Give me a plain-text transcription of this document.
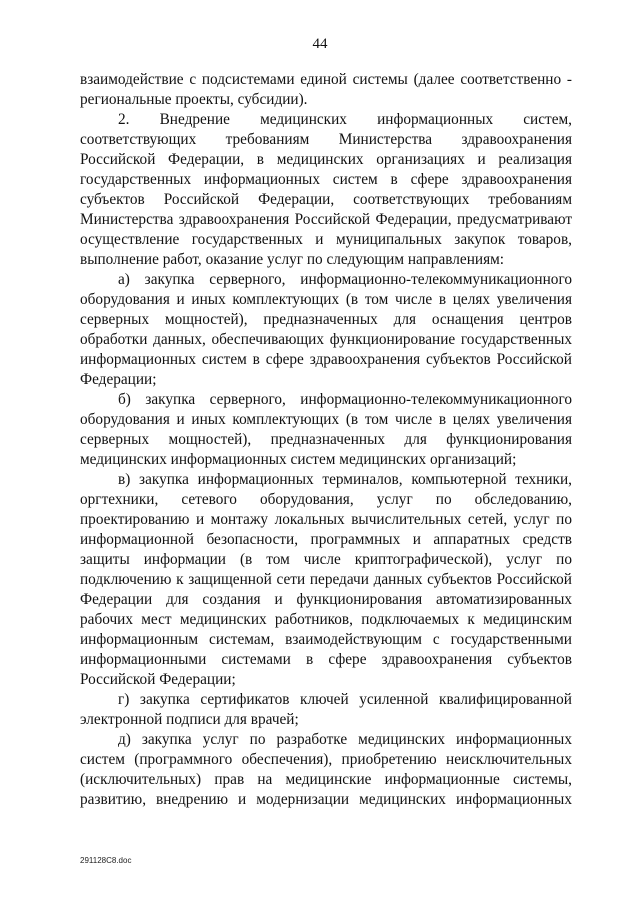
44

взаимодействие с подсистемами единой системы (далее соответственно - региональные проекты, субсидии).

2. Внедрение медицинских информационных систем, соответствующих требованиям Министерства здравоохранения Российской Федерации, в медицинских организациях и реализация государственных информационных систем в сфере здравоохранения субъектов Российской Федерации, соответствующих требованиям Министерства здравоохранения Российской Федерации, предусматривают осуществление государственных и муниципальных закупок товаров, выполнение работ, оказание услуг по следующим направлениям:

а) закупка серверного, информационно-телекоммуникационного оборудования и иных комплектующих (в том числе в целях увеличения серверных мощностей), предназначенных для оснащения центров обработки данных, обеспечивающих функционирование государственных информационных систем в сфере здравоохранения субъектов Российской Федерации;

б) закупка серверного, информационно-телекоммуникационного оборудования и иных комплектующих (в том числе в целях увеличения серверных мощностей), предназначенных для функционирования медицинских информационных систем медицинских организаций;

в) закупка информационных терминалов, компьютерной техники, оргтехники, сетевого оборудования, услуг по обследованию, проектированию и монтажу локальных вычислительных сетей, услуг по информационной безопасности, программных и аппаратных средств защиты информации (в том числе криптографической), услуг по подключению к защищенной сети передачи данных субъектов Российской Федерации для создания и функционирования автоматизированных рабочих мест медицинских работников, подключаемых к медицинским информационным системам, взаимодействующим с государственными информационными системами в сфере здравоохранения субъектов Российской Федерации;

г) закупка сертификатов ключей усиленной квалифицированной электронной подписи для врачей;

д) закупка услуг по разработке медицинских информационных систем (программного обеспечения), приобретению неисключительных (исключительных) прав на медицинские информационные системы, развитию, внедрению и модернизации медицинских информационных

291128С8.doc
